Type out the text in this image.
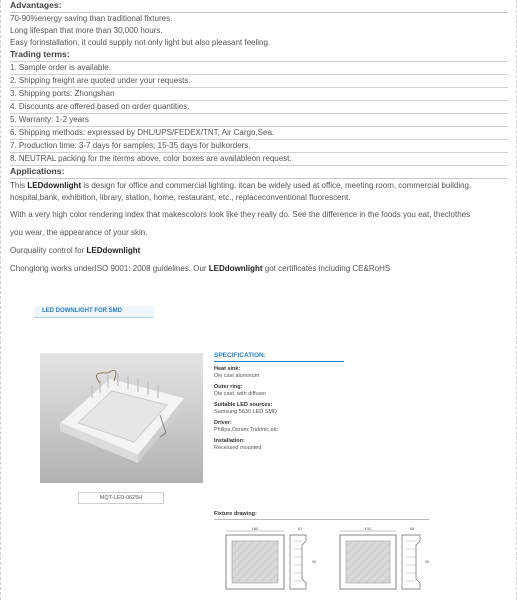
Advantages:
70-90%energy saving than traditional fixtures.
Long lifespan that more than 30,000 hours.
Easy forinstallation, it could supply not only light but also pleasant feeling.
Trading terms:
1. Sample order is available.
2. Shipping freight are quoted under your requests.
3. Shipping ports: Zhongshan
4. Discounts are offered based on order quantities.
5. Warranty: 1-2 years
6. Shipping methods: expressed by DHL/UPS/FEDEX/TNT, Air Cargo,Sea.
7. Production time: 3-7 days for samples; 15-35 days for bulkorders.
8. NEUTRAL packing for the iterms above, color boxes are availableon request.
Applications:
This LEDdownlight is design for office and commercial lighting. itcan be widely used at office, meeting room, commercial building,
hospital,bank, exhibition, library, station, home, restaurant, etc., replaceconventional fluorescent.
With a very high color rendering index that makescolors look like they really do. See the difference in the foods you eat, theclothes
you wear, the appearance of your skin.
Ourquality control for LEDdownlight
Chonglong works underISO 9001: 2008 guidelines. Our LEDdownlight got certificates including CE&RoHS
LED DOWNLIGHT FOR SMD
MQT-LED-0625H
SPECIFICATION:
Heat sink:
Die cast aluminum
Outer ring:
Die cast, with diffuser
Suitable LED sources:
Samsung 5630 LED SMD
Driver:
Philips,Osram,Tridonic,etc
Installation:
Recessed mounted
Fixture drawing:
180	51
95
150	58
95
